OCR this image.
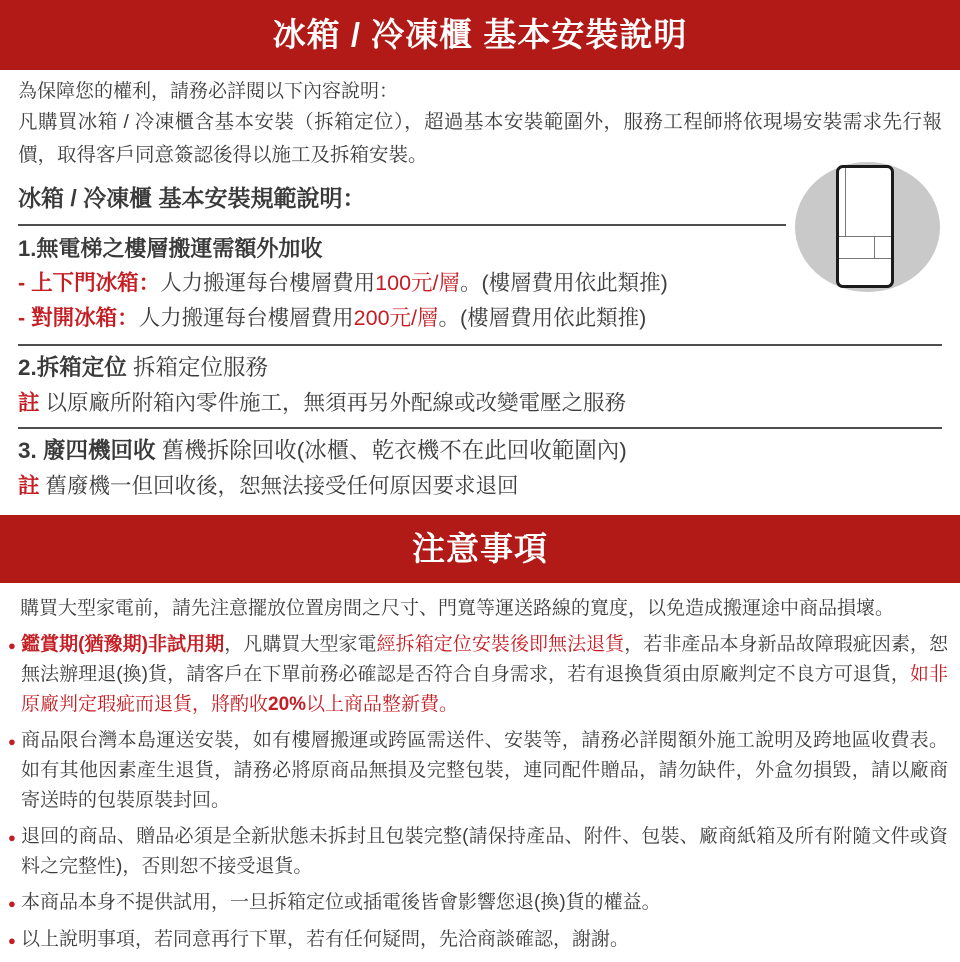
冰箱 / 冷凍櫃 基本安裝說明

為保障您的權利，請務必詳閱以下內容說明：

凡購買冰箱 / 冷凍櫃含基本安裝（拆箱定位），超過基本安裝範圍外，服務工程師將依現場安裝需求先行報價，取得客戶同意簽認後得以施工及拆箱安裝。

冰箱 / 冷凍櫃 基本安裝規範說明：

1.無電梯之樓層搬運需額外加收

- 上下門冰箱：人力搬運每台樓層費用100元/層。(樓層費用依此類推)

- 對開冰箱：人力搬運每台樓層費用200元/層。(樓層費用依此類推)

2.拆箱定位 拆箱定位服務

註 以原廠所附箱內零件施工，無須再另外配線或改變電壓之服務

3. 廢四機回收 舊機拆除回收(冰櫃、乾衣機不在此回收範圍內)

註 舊廢機一但回收後，恕無法接受任何原因要求退回

注意事項

購買大型家電前，請先注意擺放位置房間之尺寸、門寬等運送路線的寬度，以免造成搬運途中商品損壞。

● 鑑賞期(猶豫期)非試用期，凡購買大型家電經拆箱定位安裝後即無法退貨，若非產品本身新品故障瑕疵因素，恕無法辦理退(換)貨，請客戶在下單前務必確認是否符合自身需求，若有退換貨須由原廠判定不良方可退貨，如非原廠判定瑕疵而退貨，將酌收20%以上商品整新費。
● 商品限台灣本島運送安裝，如有樓層搬運或跨區需送件、安裝等，請務必詳閱額外施工說明及跨地區收費表。如有其他因素產生退貨，請務必將原商品無損及完整包裝，連同配件贈品，請勿缺件，外盒勿損毀，請以廠商寄送時的包裝原裝封回。
● 退回的商品、贈品必須是全新狀態未拆封且包裝完整(請保持產品、附件、包裝、廠商紙箱及所有附隨文件或資料之完整性)，否則恕不接受退貨。
● 本商品本身不提供試用，一旦拆箱定位或插電後皆會影響您退(換)貨的權益。
● 以上說明事項，若同意再行下單，若有任何疑問，先洽商談確認，謝謝。
